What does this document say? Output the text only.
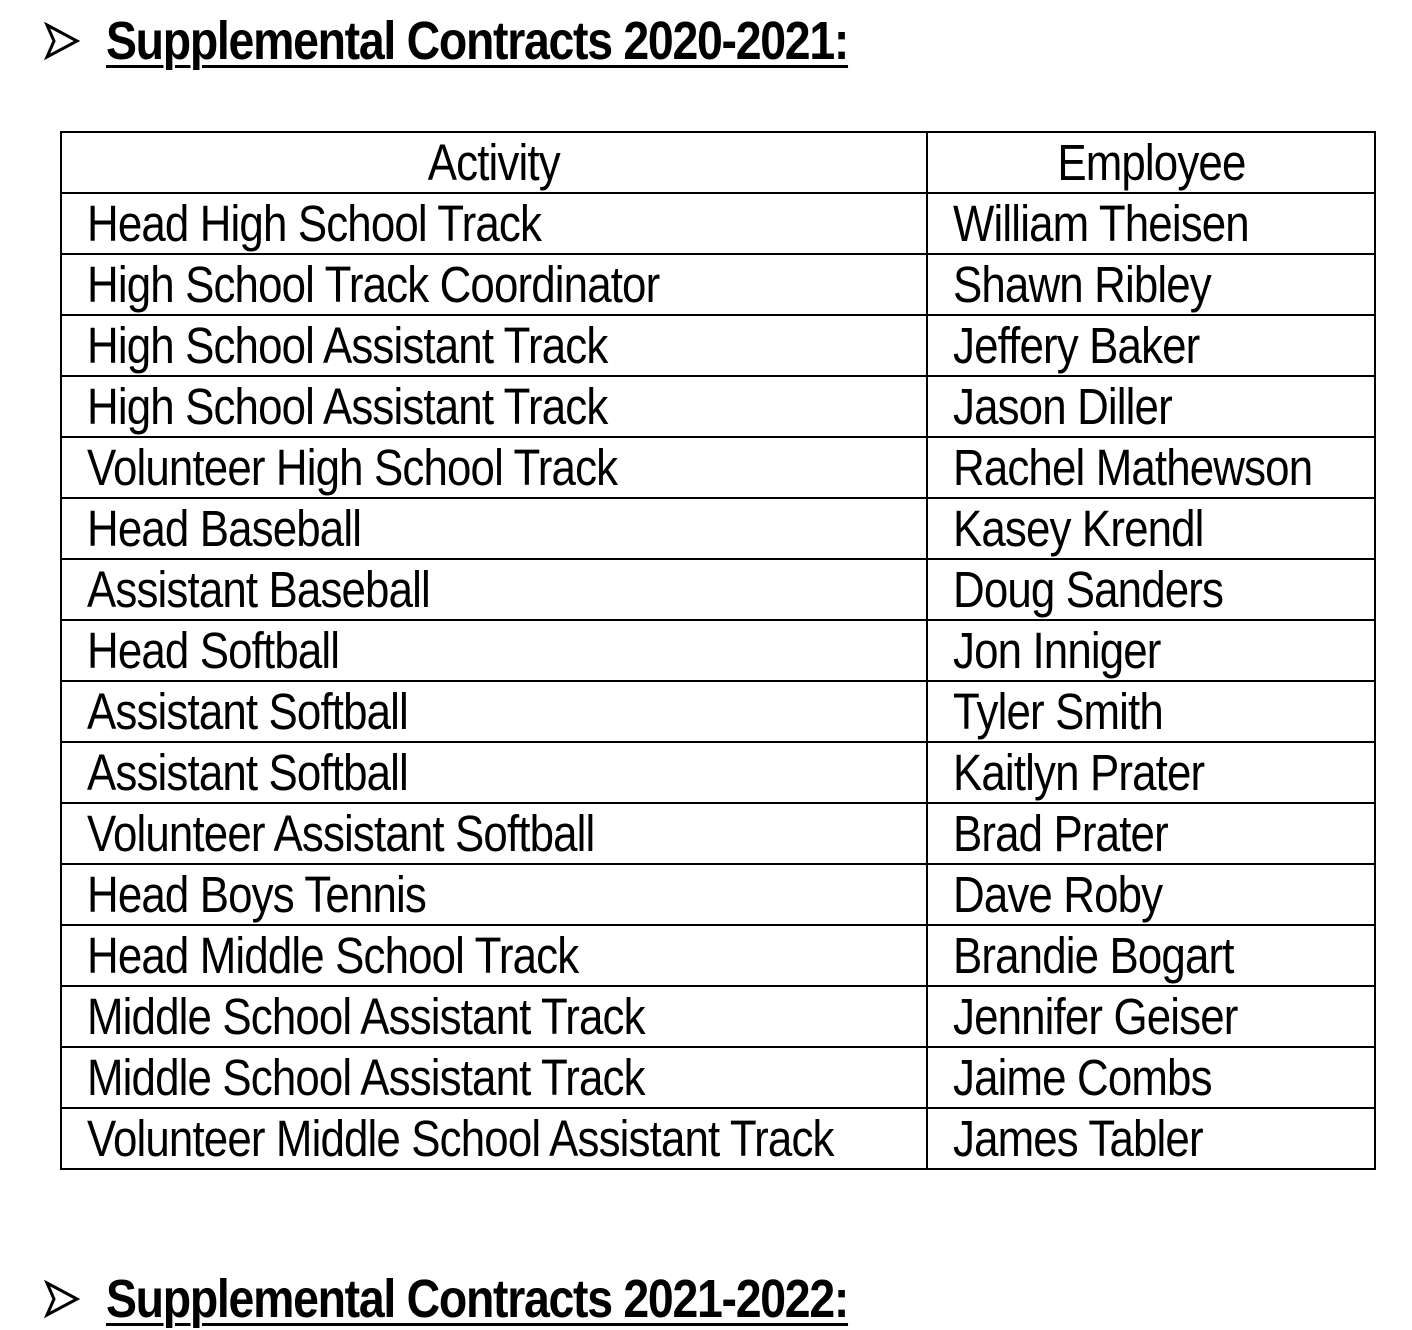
Supplemental Contracts 2020-2021:
Activity	Employee
Head High School Track	William Theisen
High School Track Coordinator	Shawn Ribley
High School Assistant Track	Jeffery Baker
High School Assistant Track	Jason Diller
Volunteer High School Track	Rachel Mathewson
Head Baseball	Kasey Krendl
Assistant Baseball	Doug Sanders
Head Softball	Jon Inniger
Assistant Softball	Tyler Smith
Assistant Softball	Kaitlyn Prater
Volunteer Assistant Softball	Brad Prater
Head Boys Tennis	Dave Roby
Head Middle School Track	Brandie Bogart
Middle School Assistant Track	Jennifer Geiser
Middle School Assistant Track	Jaime Combs
Volunteer Middle School Assistant Track	James Tabler
Supplemental Contracts 2021-2022:
